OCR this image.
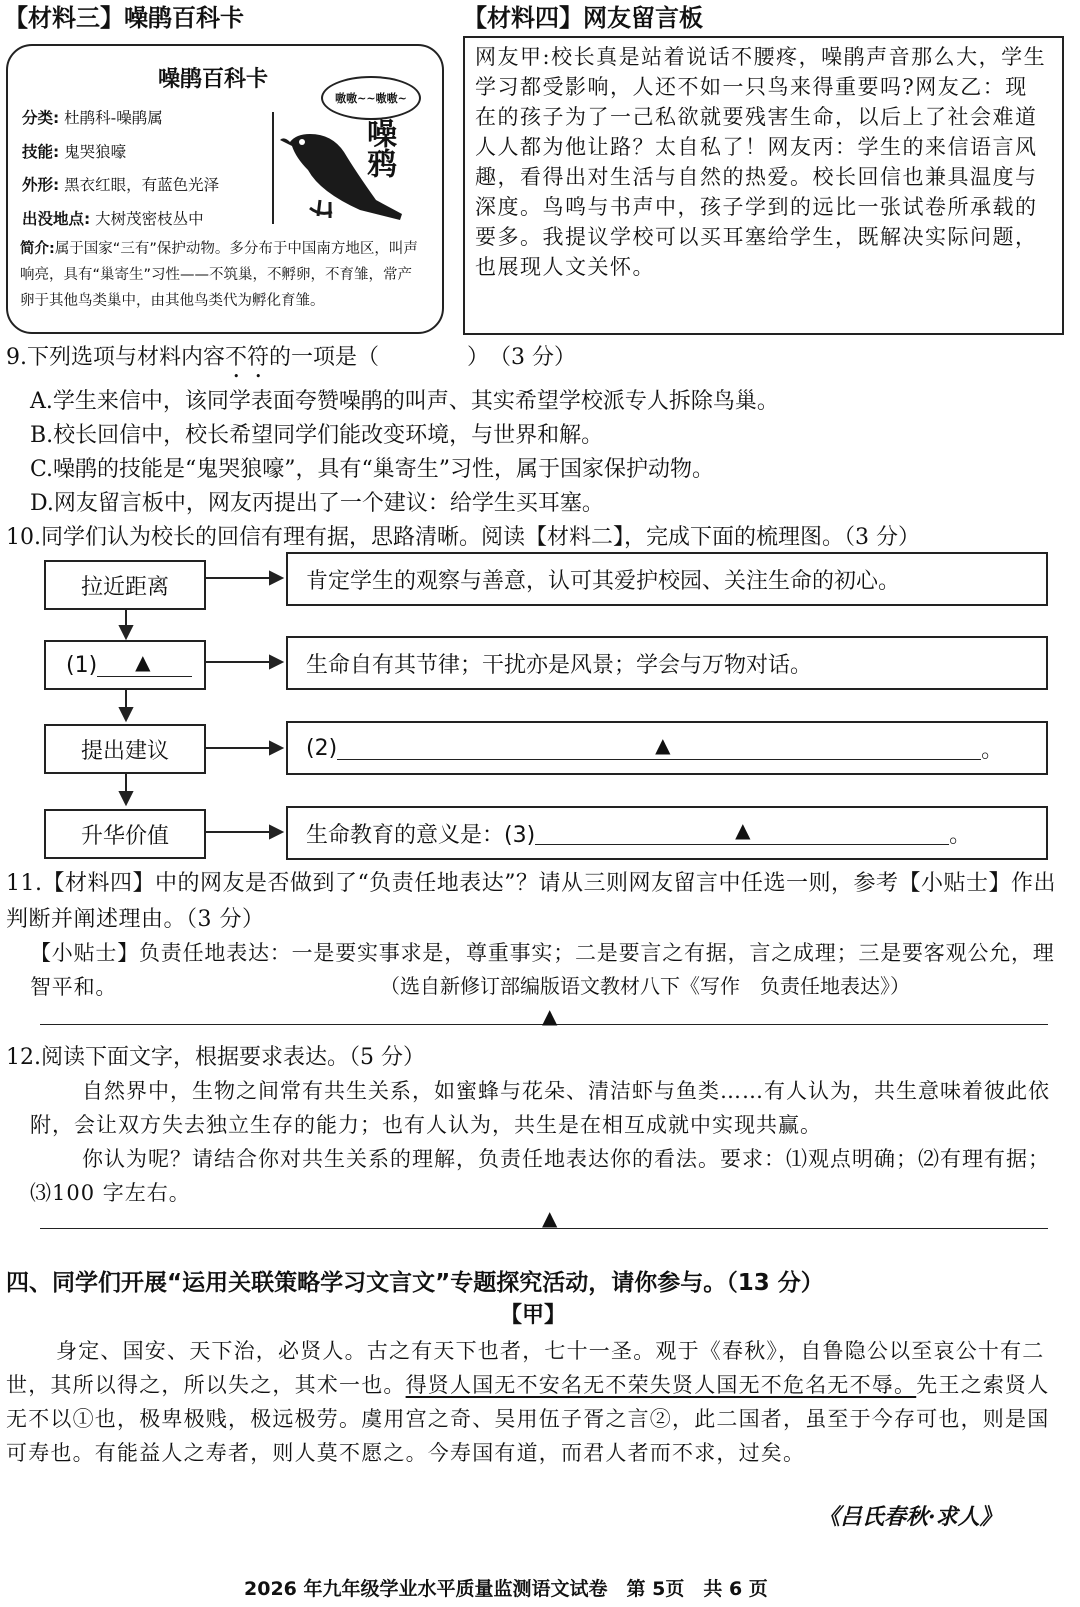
【材料三】噪鹃百科卡
噪鹃百科卡
分类: 杜鹃科-噪鹃属
技能: 鬼哭狼嚎
外形: 黑衣红眼，有蓝色光泽
出没地点: 大树茂密枝丛中
简介:属于国家“三有”保护动物。多分布于中国南方地区，叫声响亮，具有“巢寄生”习性——不筑巢，不孵卵，不育雏，常产卵于其他鸟类巢中，由其他鸟类代为孵化育雏。
嗷嗷~~嗷嗷~
噪鸦
【材料四】网友留言板
网友甲:校长真是站着说话不腰疼，噪鹃声音那么大，学生学习都受影响，人还不如一只鸟来得重要吗?网友乙：现在的孩子为了一己私欲就要残害生命，以后上了社会难道人人都为他让路？太自私了！网友丙：学生的来信语言风趣，看得出对生活与自然的热爱。校长回信也兼具温度与深度。鸟鸣与书声中，孩子学到的远比一张试卷所承载的要多。我提议学校可以买耳塞给学生，既解决实际问题，也展现人文关怀。
9.下列选项与材料内容不符的一项是（　　　　）　（3 分）
A.学生来信中，该同学表面夸赞噪鹃的叫声、其实希望学校派专人拆除鸟巢。
B.校长回信中，校长希望同学们能改变环境，与世界和解。
C.噪鹃的技能是“鬼哭狼嚎”，具有“巢寄生”习性，属于国家保护动物。
D.网友留言板中，网友丙提出了一个建议：给学生买耳塞。
10.同学们认为校长的回信有理有据，思路清晰。阅读【材料二】，完成下面的梳理图。（3 分）
拉近距离
(1) ▲
提出建议
升华价值
肯定学生的观察与善意，认可其爱护校园、关注生命的初心。
生命自有其节律；干扰亦是风景；学会与万物对话。
(2)	▲	。
生命教育的意义是：(3)	▲	。
11.【材料四】中的网友是否做到了“负责任地表达”？请从三则网友留言中任选一则，参考【小贴士】作出判断并阐述理由。（3 分）
【小贴士】负责任地表达：一是要实事求是，尊重事实；二是要言之有据，言之成理；三是要客观公允，理智平和。	（选自新修订部编版语文教材八下《写作　负责任地表达》）
▲
12.阅读下面文字，根据要求表达。（5 分）
自然界中，生物之间常有共生关系，如蜜蜂与花朵、清洁虾与鱼类……有人认为，共生意味着彼此依附，会让双方失去独立生存的能力；也有人认为，共生是在相互成就中实现共赢。
你认为呢？请结合你对共生关系的理解，负责任地表达你的看法。要求：⑴观点明确；⑵有理有据；⑶100 字左右。
▲
四、同学们开展“运用关联策略学习文言文”专题探究活动，请你参与。（13 分）
【甲】
身定、国安、天下治，必贤人。古之有天下也者，七十一圣。观于《春秋》，自鲁隐公以至哀公十有二世，其所以得之，所以失之，其术一也。得贤人国无不安名无不荣失贤人国无不危名无不辱。先王之索贤人无不以①也，极卑极贱，极远极劳。虞用宫之奇、吴用伍子胥之言②，此二国者，虽至于今存可也，则是国可寿也。有能益人之寿者，则人莫不愿之。今寿国有道，而君人者而不求，过矣。
《吕氏春秋·求人》
2026 年九年级学业水平质量监测语文试卷　第 5页　共 6 页
